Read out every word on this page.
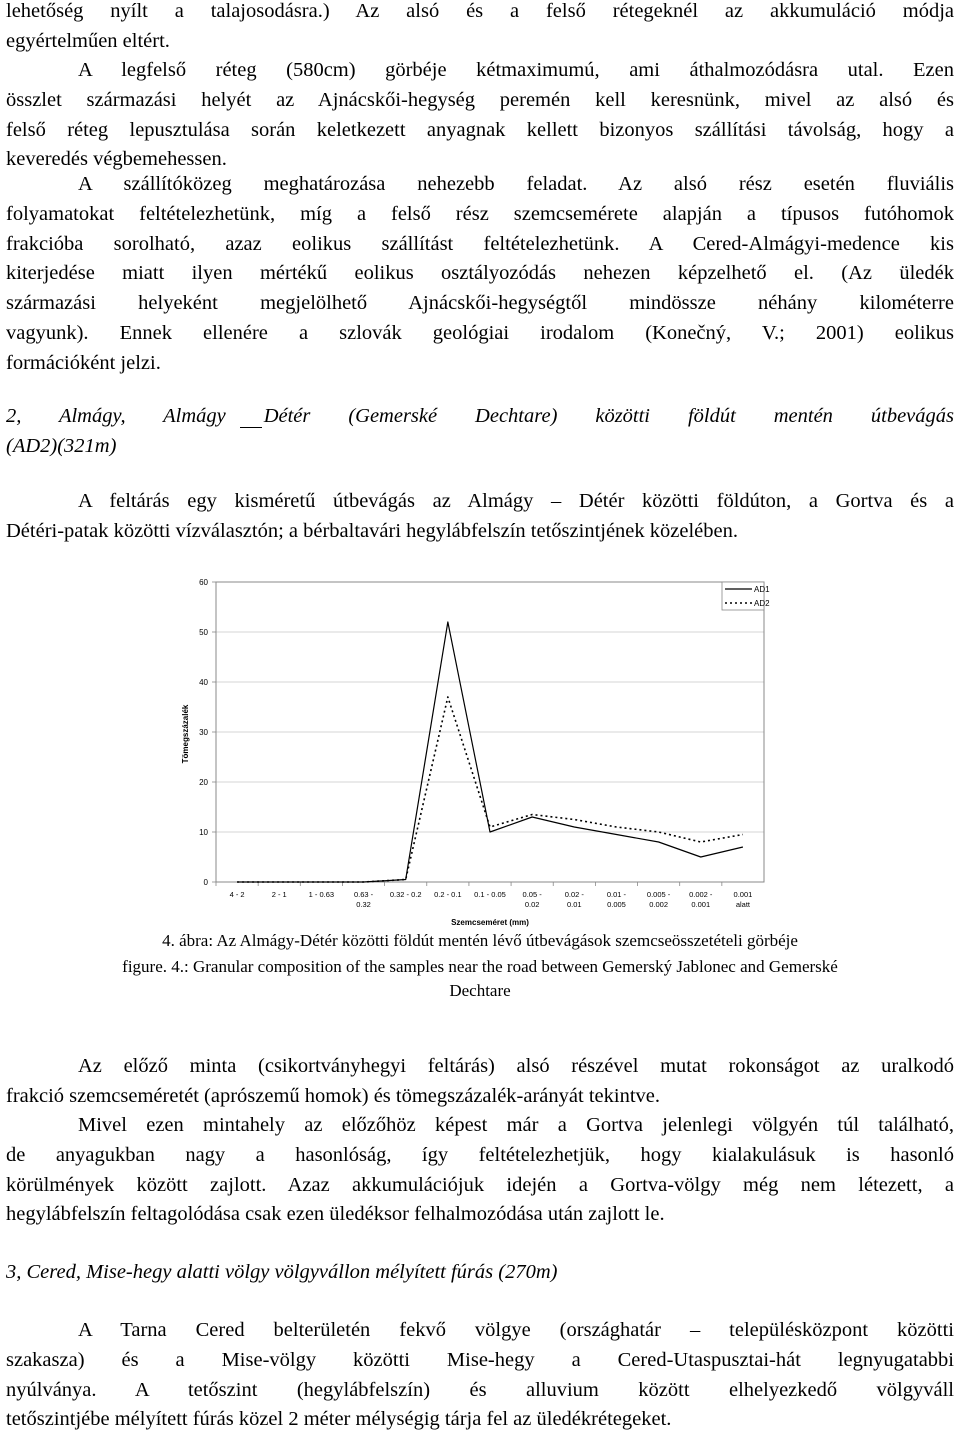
lehetőség nyílt a talajosodásra.) Az alsó és a felső rétegeknél az akkumuláció módja
egyértelműen eltért.
A legfelső réteg (580cm) görbéje kétmaximumú, ami áthalmozódásra utal. Ezen
összlet származási helyét az Ajnácskői-hegység peremén kell keresnünk, mivel az alsó és
felső réteg lepusztulása során keletkezett anyagnak kellett bizonyos szállítási távolság, hogy a
keveredés végbemehessen.
A szállítóközeg meghatározása nehezebb feladat. Az alsó rész esetén fluviális
folyamatokat feltételezhetünk, míg a felső rész szemcsemérete alapján a típusos futóhomok
frakcióba sorolható, azaz eolikus szállítást feltételezhetünk. A Cered-Almágyi-medence kis
kiterjedése miatt ilyen mértékű eolikus osztályozódás nehezen képzelhető el. (Az üledék
származási helyeként megjelölhető Ajnácskői-hegységtől mindössze néhány kilométerre
vagyunk). Ennek ellenére a szlovák geológiai irodalom (Konečný, V.; 2001) eolikus
formációként jelzi.
2, Almágy, Almágy Détér (Gemerské Dechtare) közötti földút mentén útbevágás
(AD2)(321m)
A feltárás egy kisméretű útbevágás az Almágy – Détér közötti földúton, a Gortva és a
Détéri-patak közötti vízválasztón; a bérbaltavári hegylábfelszín tetőszintjének közelében.
0
10
20
30
40
50
60
4 - 2	2 - 1	1 - 0.63	0.63 -0.32
0.32 - 0.2 0.2 - 0.1 0.1 - 0.05 0.05 -0.02
0.02 -0.01
0.01 -0.005
0.005 -0.002
0.002 -0.001
0.001 alatt
Tömegszázalék
Szemcseméret (mm)
AD1
AD2
4. ábra: Az Almágy-Détér közötti földút mentén lévő útbevágások szemcseösszetételi görbéje
figure. 4.: Granular composition of the samples near the road between Gemerský Jablonec and Gemerské
Dechtare
Az előző minta (csikortványhegyi feltárás) alsó részével mutat rokonságot az uralkodó
frakció szemcseméretét (aprószemű homok) és tömegszázalék-arányát tekintve.
Mivel ezen mintahely az előzőhöz képest már a Gortva jelenlegi völgyén túl található,
de anyagukban nagy a hasonlóság, így feltételezhetjük, hogy kialakulásuk is hasonló
körülmények között zajlott. Azaz akkumulációjuk idején a Gortva-völgy még nem létezett, a
hegylábfelszín feltagolódása csak ezen üledéksor felhalmozódása után zajlott le.
3, Cered, Mise-hegy alatti völgy völgyvállon mélyített fúrás (270m)
A Tarna Cered belterületén fekvő völgye (országhatár – településközpont közötti
szakasza) és a Mise-völgy közötti Mise-hegy a Cered-Utaspusztai-hát legnyugatabbi
nyúlványa. A tetőszint (hegylábfelszín) és alluvium között elhelyezkedő völgyváll
tetőszintjébe mélyített fúrás közel 2 méter mélységig tárja fel az üledékrétegeket.
